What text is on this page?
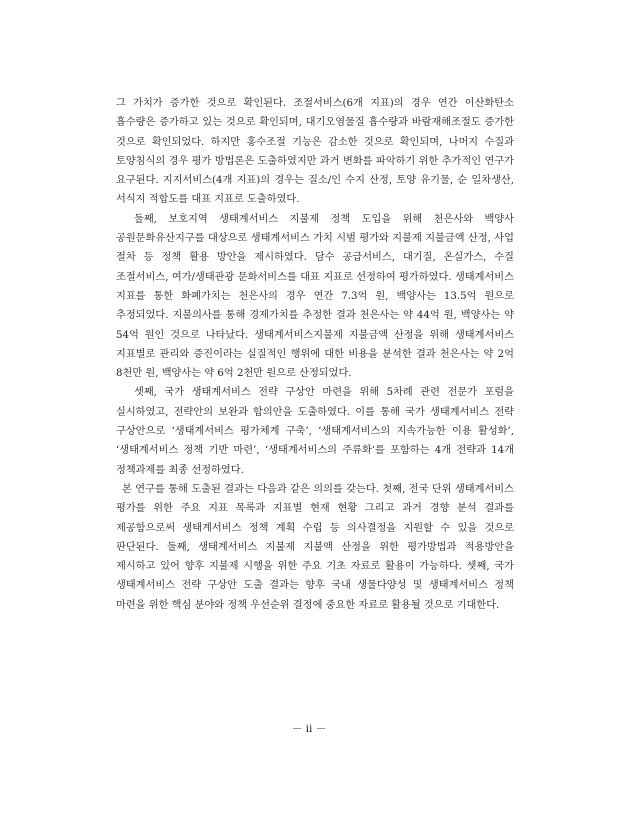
그 가치가 증가한 것으로 확인된다. 조절서비스(6개 지표)의 경우 연간 이산화탄소 흡수량은 증가하고 있는 것으로 확인되며, 대기오염물질 흡수량과 바람재해조절도 증가한 것으로 확인되었다. 하지만 홍수조절 기능은 감소한 것으로 확인되며, 나머지 수질과 토양침식의 경우 평가 방법론은 도출하였지만 과거 변화를 파악하기 위한 추가적인 연구가 요구된다. 지지서비스(4개 지표)의 경우는 질소/인 수지 산정, 토양 유기물, 순 일차생산, 서식지 적합도를 대표 지표로 도출하였다.

둘째, 보호지역 생태계서비스 지불제 정책 도입을 위해 천은사와 백양사 공원문화유산지구를 대상으로 생태계서비스 가치 시범 평가와 지불제 지불금액 산정, 사업 절차 등 정책 활용 방안을 제시하였다. 담수 공급서비스, 대기질, 온실가스, 수질 조절서비스, 여가/생태관광 문화서비스를 대표 지표로 선정하여 평가하였다. 생태계서비스 지표를 통한 화폐가치는 천은사의 경우 연간 7.3억 원, 백양사는 13.5억 원으로 추정되었다. 지불의사를 통해 경제가치를 추정한 결과 천은사는 약 44억 원, 백양사는 약 54억 원인 것으로 나타났다. 생태계서비스지불제 지불금액 산정을 위해 생태계서비스 지표별로 관리와 증진이라는 실질적인 행위에 대한 비용을 분석한 결과 천은사는 약 2억 8천만 원, 백양사는 약 6억 2천만 원으로 산정되었다.

셋째, 국가 생태계서비스 전략 구상안 마련을 위해 5차례 관련 전문가 포럼을 실시하였고, 전략안의 보완과 합의안을 도출하였다. 이를 통해 국가 생태계서비스 전략 구상안으로 ‘생태계서비스 평가체계 구축’, ‘생태계서비스의 지속가능한 이용 활성화’, ‘생태계서비스 정책 기반 마련’, ‘생태계서비스의 주류화‘를 포함하는 4개 전략과 14개 정책과제를 최종 선정하였다.

본 연구를 통해 도출된 결과는 다음과 같은 의의를 갖는다. 첫째, 전국 단위 생태계서비스 평가를 위한 주요 지표 목록과 지표별 현재 현황 그리고 과거 경향 분석 결과를 제공함으로써 생태계서비스 정책 계획 수립 등 의사결정을 지원할 수 있을 것으로 판단된다. 둘째, 생태계서비스 지불제 지불액 산정을 위한 평가방법과 적용방안을 제시하고 있어 향후 지불제 시행을 위한 주요 기초 자료로 활용이 가능하다. 셋째, 국가 생태계서비스 전략 구상안 도출 결과는 향후 국내 생물다양성 및 생태계서비스 정책 마련을 위한 핵심 분야와 정책 우선순위 결정에 중요한 자료로 활용될 것으로 기대한다.

－ ii －
